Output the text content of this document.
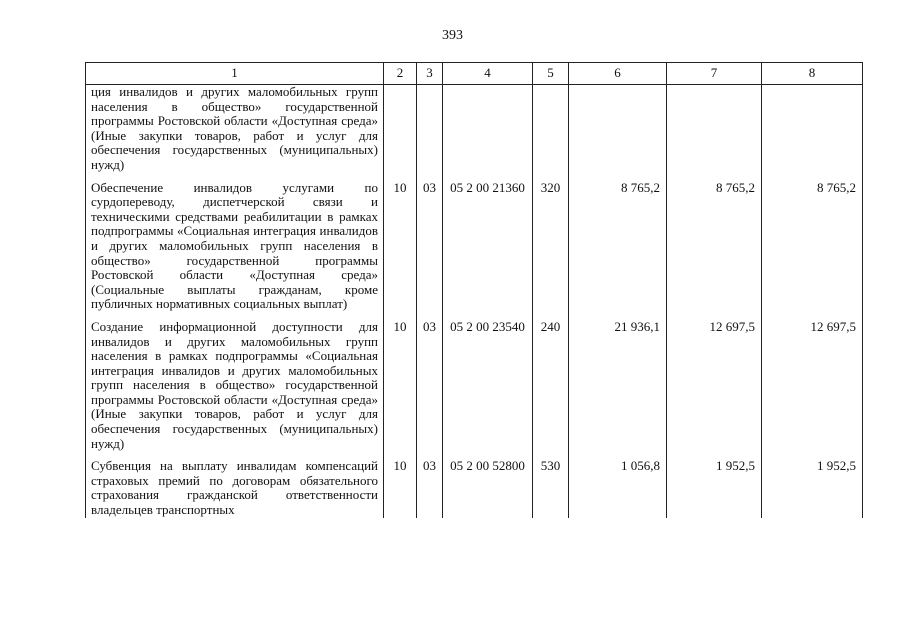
393
1	2	3	4	5	6	7	8
ция инвалидов и других маломобильных групп населения в общество» государственной программы Ростовской области «Доступная среда» (Иные закупки товаров, работ и услуг для обеспечения государственных (муниципальных) нужд)							
Обеспечение инвалидов услугами по сурдопереводу, диспетчерской связи и техническими средствами реабилитации в рамках подпрограммы «Социальная интеграция инвалидов и других маломобильных групп населения в общество» государственной программы Ростовской области «Доступная среда» (Социальные выплаты гражданам, кроме публичных нормативных социальных выплат)	10	03	05 2 00 21360	320	8 765,2	8 765,2	8 765,2
Создание информационной доступности для инвалидов и других маломобильных групп населения в рамках подпрограммы «Социальная интеграция инвалидов и других маломобильных групп населения в общество» государственной программы Ростовской области «Доступная среда» (Иные закупки товаров, работ и услуг для обеспечения государственных (муниципальных) нужд)	10	03	05 2 00 23540	240	21 936,1	12 697,5	12 697,5
Субвенция на выплату инвалидам компенсаций страховых премий по договорам обязательного страхования гражданской ответственности владельцев транспортных	10	03	05 2 00 52800	530	1 056,8	1 952,5	1 952,5
